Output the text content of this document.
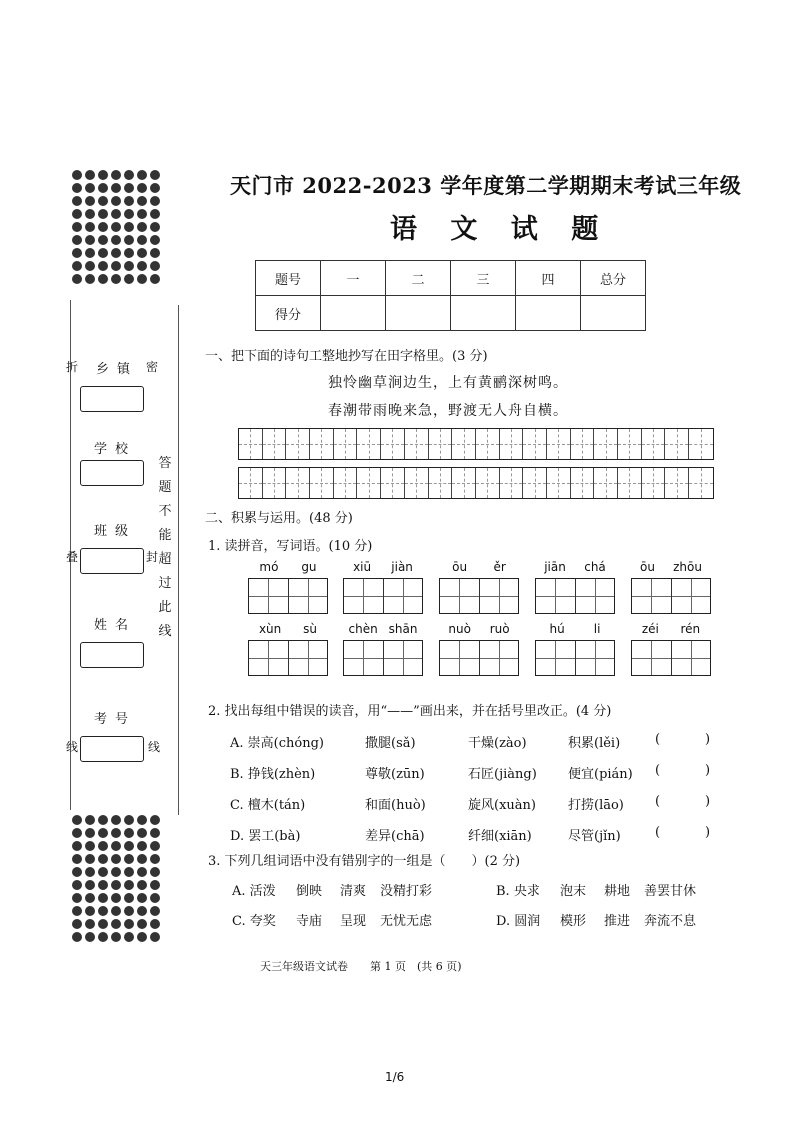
折	密
叠	封
线	线
乡镇
学校
班级
姓名
考号
答
题
不
能
超
过
此
线
天门市 2022-2023 学年度第二学期期末考试三年级
语 文 试 题
题号	一	二	三	四	总分
得分					
一、把下面的诗句工整地抄写在田字格里。(3 分)
独怜幽草涧边生，上有黄鹂深树鸣。
春潮带雨晚来急，野渡无人舟自横。
二、积累与运用。(48 分)
1. 读拼音，写词语。(10 分)
mó gu	xiū jiàn	ōu ěr	jiān chá	ōu zhōu
xùn sù	chèn shān	nuò ruò	hú li	zéi rén
2. 找出每组中错误的读音，用“——”画出来，并在括号里改正。(4 分)
A. 崇高(chóng)	撒腿(sǎ)	干燥(zào)	积累(lěi)	(	)
B. 挣钱(zhèn)	尊敬(zūn)	石匠(jiàng) 便宜(pián) (	)
C. 檀木(tán)	和面(huò)	旋风(xuàn) 打捞(lāo) (	)
D. 罢工(bà)	差异(chā)	纤细(xiān)	尽管(jǐn)	(	)
3. 下列几组词语中没有错别字的一组是（　　）(2 分)
A. 活泼 倒映 清爽 没精打彩	B. 央求 泡末 耕地 善罢甘休
C. 夸奖 寺庙 呈现 无忧无虑	D. 圆润 模形 推进 奔流不息
天三年级语文试卷　　第 1 页　(共 6 页)
1/6
